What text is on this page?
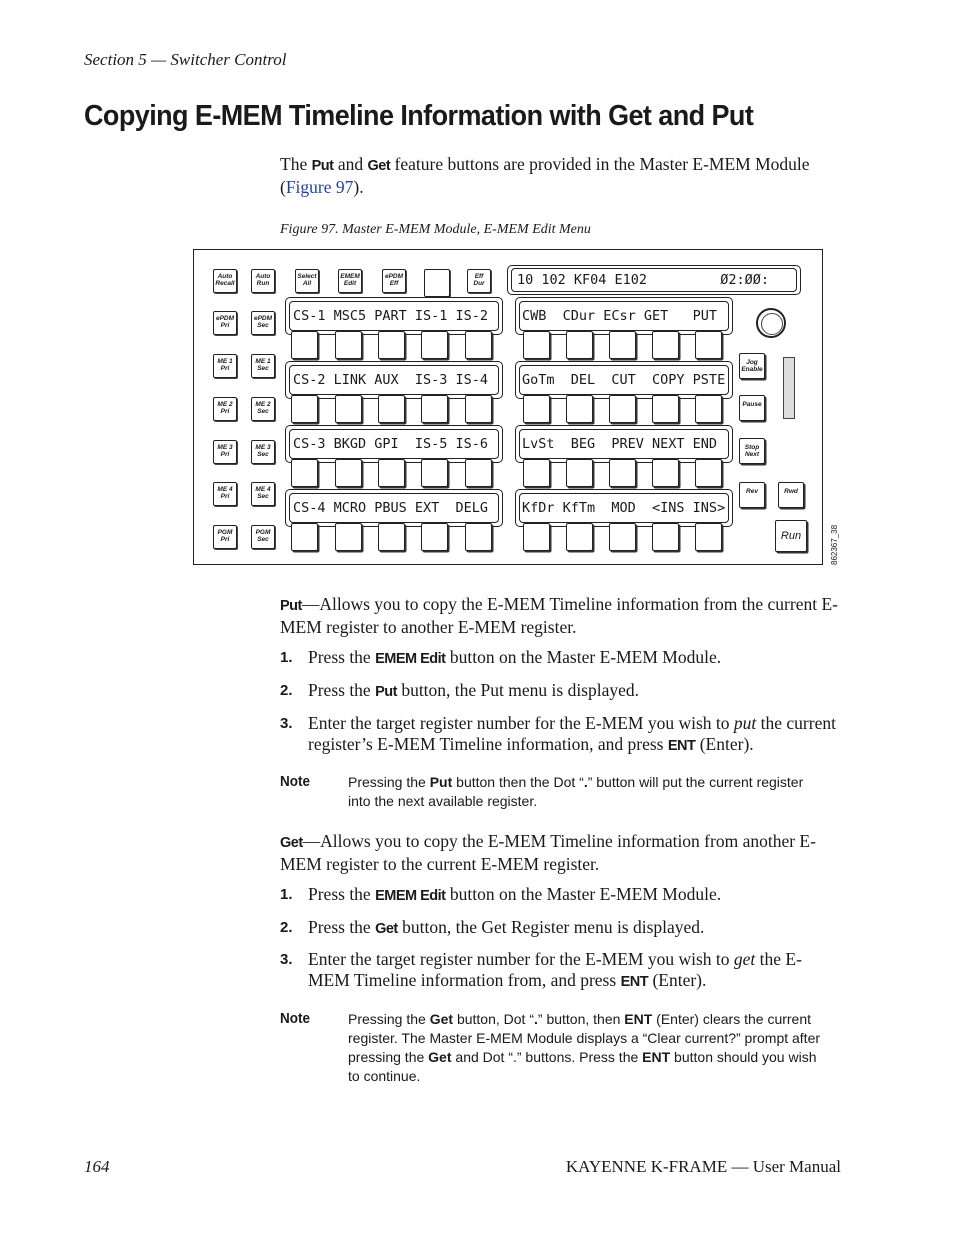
Section 5 — Switcher Control
Copying E-MEM Timeline Information with Get and Put
The Put and Get feature buttons are provided in the Master E-MEM Module
(Figure 97).
Figure 97. Master E-MEM Module, E-MEM Edit Menu
862367_38
Auto
Recall
ePDM
Pri
ME 1
Pri
ME 2
Pri
ME 3
Pri
ME 4
Pri
PGM
Pri
Auto
Run
ePDM
Sec
ME 1
Sec
ME 2
Sec
ME 3
Sec
ME 4
Sec
PGM
Sec
Select
All
EMEM
Edit
ePDM
Eff
Eff
Dur	10 102 KF04 E102         Ø2:ØØ:
CS-1 MSC5 PART IS-1 IS-2	CWB  CDur ECsr GET   PUT
CS-2 LINK AUX  IS-3 IS-4	GoTm  DEL  CUT  COPY PSTE
CS-3 BKGD GPI  IS-5 IS-6	LvSt  BEG  PREV NEXT END
CS-4 MCRO PBUS EXT  DELG	KfDr KfTm  MOD  <INS INS>
Jog
Enable
Pause
Stop
Next
Rev	Rwd
Run
Put—Allows you to copy the E-MEM Timeline information from the current E-MEM register to another E-MEM register.
1. Press the EMEM Edit button on the Master E-MEM Module.
2. Press the Put button, the Put menu is displayed.
3. Enter the target register number for the E-MEM you wish to put the current register’s E-MEM Timeline information, and press ENT (Enter).
Note	Pressing the Put button then the Dot “.” button will put the current register into the next available register.
Get—Allows you to copy the E-MEM Timeline information from another E-MEM register to the current E-MEM register.
1. Press the EMEM Edit button on the Master E-MEM Module.
2. Press the Get button, the Get Register menu is displayed.
3. Enter the target register number for the E-MEM you wish to get the E-MEM Timeline information from, and press ENT (Enter).
Note	Pressing the Get button, Dot “.” button, then ENT (Enter) clears the current register. The Master E-MEM Module displays a “Clear current?” prompt after pressing the Get and Dot “.” buttons. Press the ENT button should you wish to continue.
164	KAYENNE K-FRAME — User Manual
